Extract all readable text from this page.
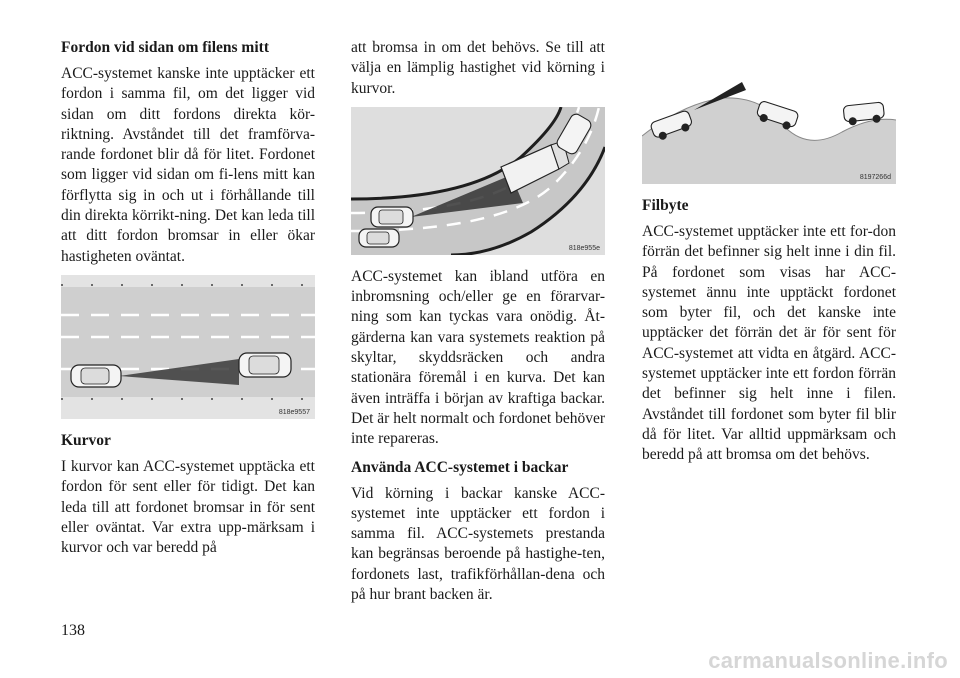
Fordon vid sidan om filens mitt

ACC-systemet kanske inte upptäcker ett fordon i samma fil, om det ligger vid sidan om ditt fordons direkta kör-riktning. Avståndet till det framförva-rande fordonet blir då för litet. Fordonet som ligger vid sidan om fi-lens mitt kan förflytta sig in och ut i förhållande till din direkta körrikt-ning. Det kan leda till att ditt fordon bromsar in eller ökar hastigheten oväntat.

818e9557
Kurvor

I kurvor kan ACC-systemet upptäcka ett fordon för sent eller för tidigt. Det kan leda till att fordonet bromsar in för sent eller oväntat. Var extra upp-märksam i kurvor och var beredd på

att bromsa in om det behövs. Se till att välja en lämplig hastighet vid körning i kurvor.

818e955e

ACC-systemet kan ibland utföra en inbromsning och/eller ge en förarvar-ning som kan tyckas vara onödig. Åt-gärderna kan vara systemets reaktion på skyltar, skyddsräcken och andra stationära föremål i en kurva. Det kan även inträffa i början av kraftiga backar. Det är helt normalt och fordonet behöver inte repareras.

Använda ACC-systemet i backar

Vid körning i backar kanske ACC-systemet inte upptäcker ett fordon i samma fil. ACC-systemets prestanda kan begränsas beroende på hastighe-ten, fordonets last, trafikförhållan-dena och på hur brant backen är.

8197266d
Filbyte

ACC-systemet upptäcker inte ett for-don förrän det befinner sig helt inne i din fil. På fordonet som visas har ACC-systemet ännu inte upptäckt fordonet som byter fil, och det kanske inte upptäcker det förrän det är för sent för ACC-systemet att vidta en åtgärd. ACC-systemet upptäcker inte ett fordon förrän det befinner sig helt inne i filen. Avståndet till fordonet som byter fil blir då för litet. Var alltid uppmärksam och beredd på att bromsa om det behövs.

138
carmanualsonline.info
